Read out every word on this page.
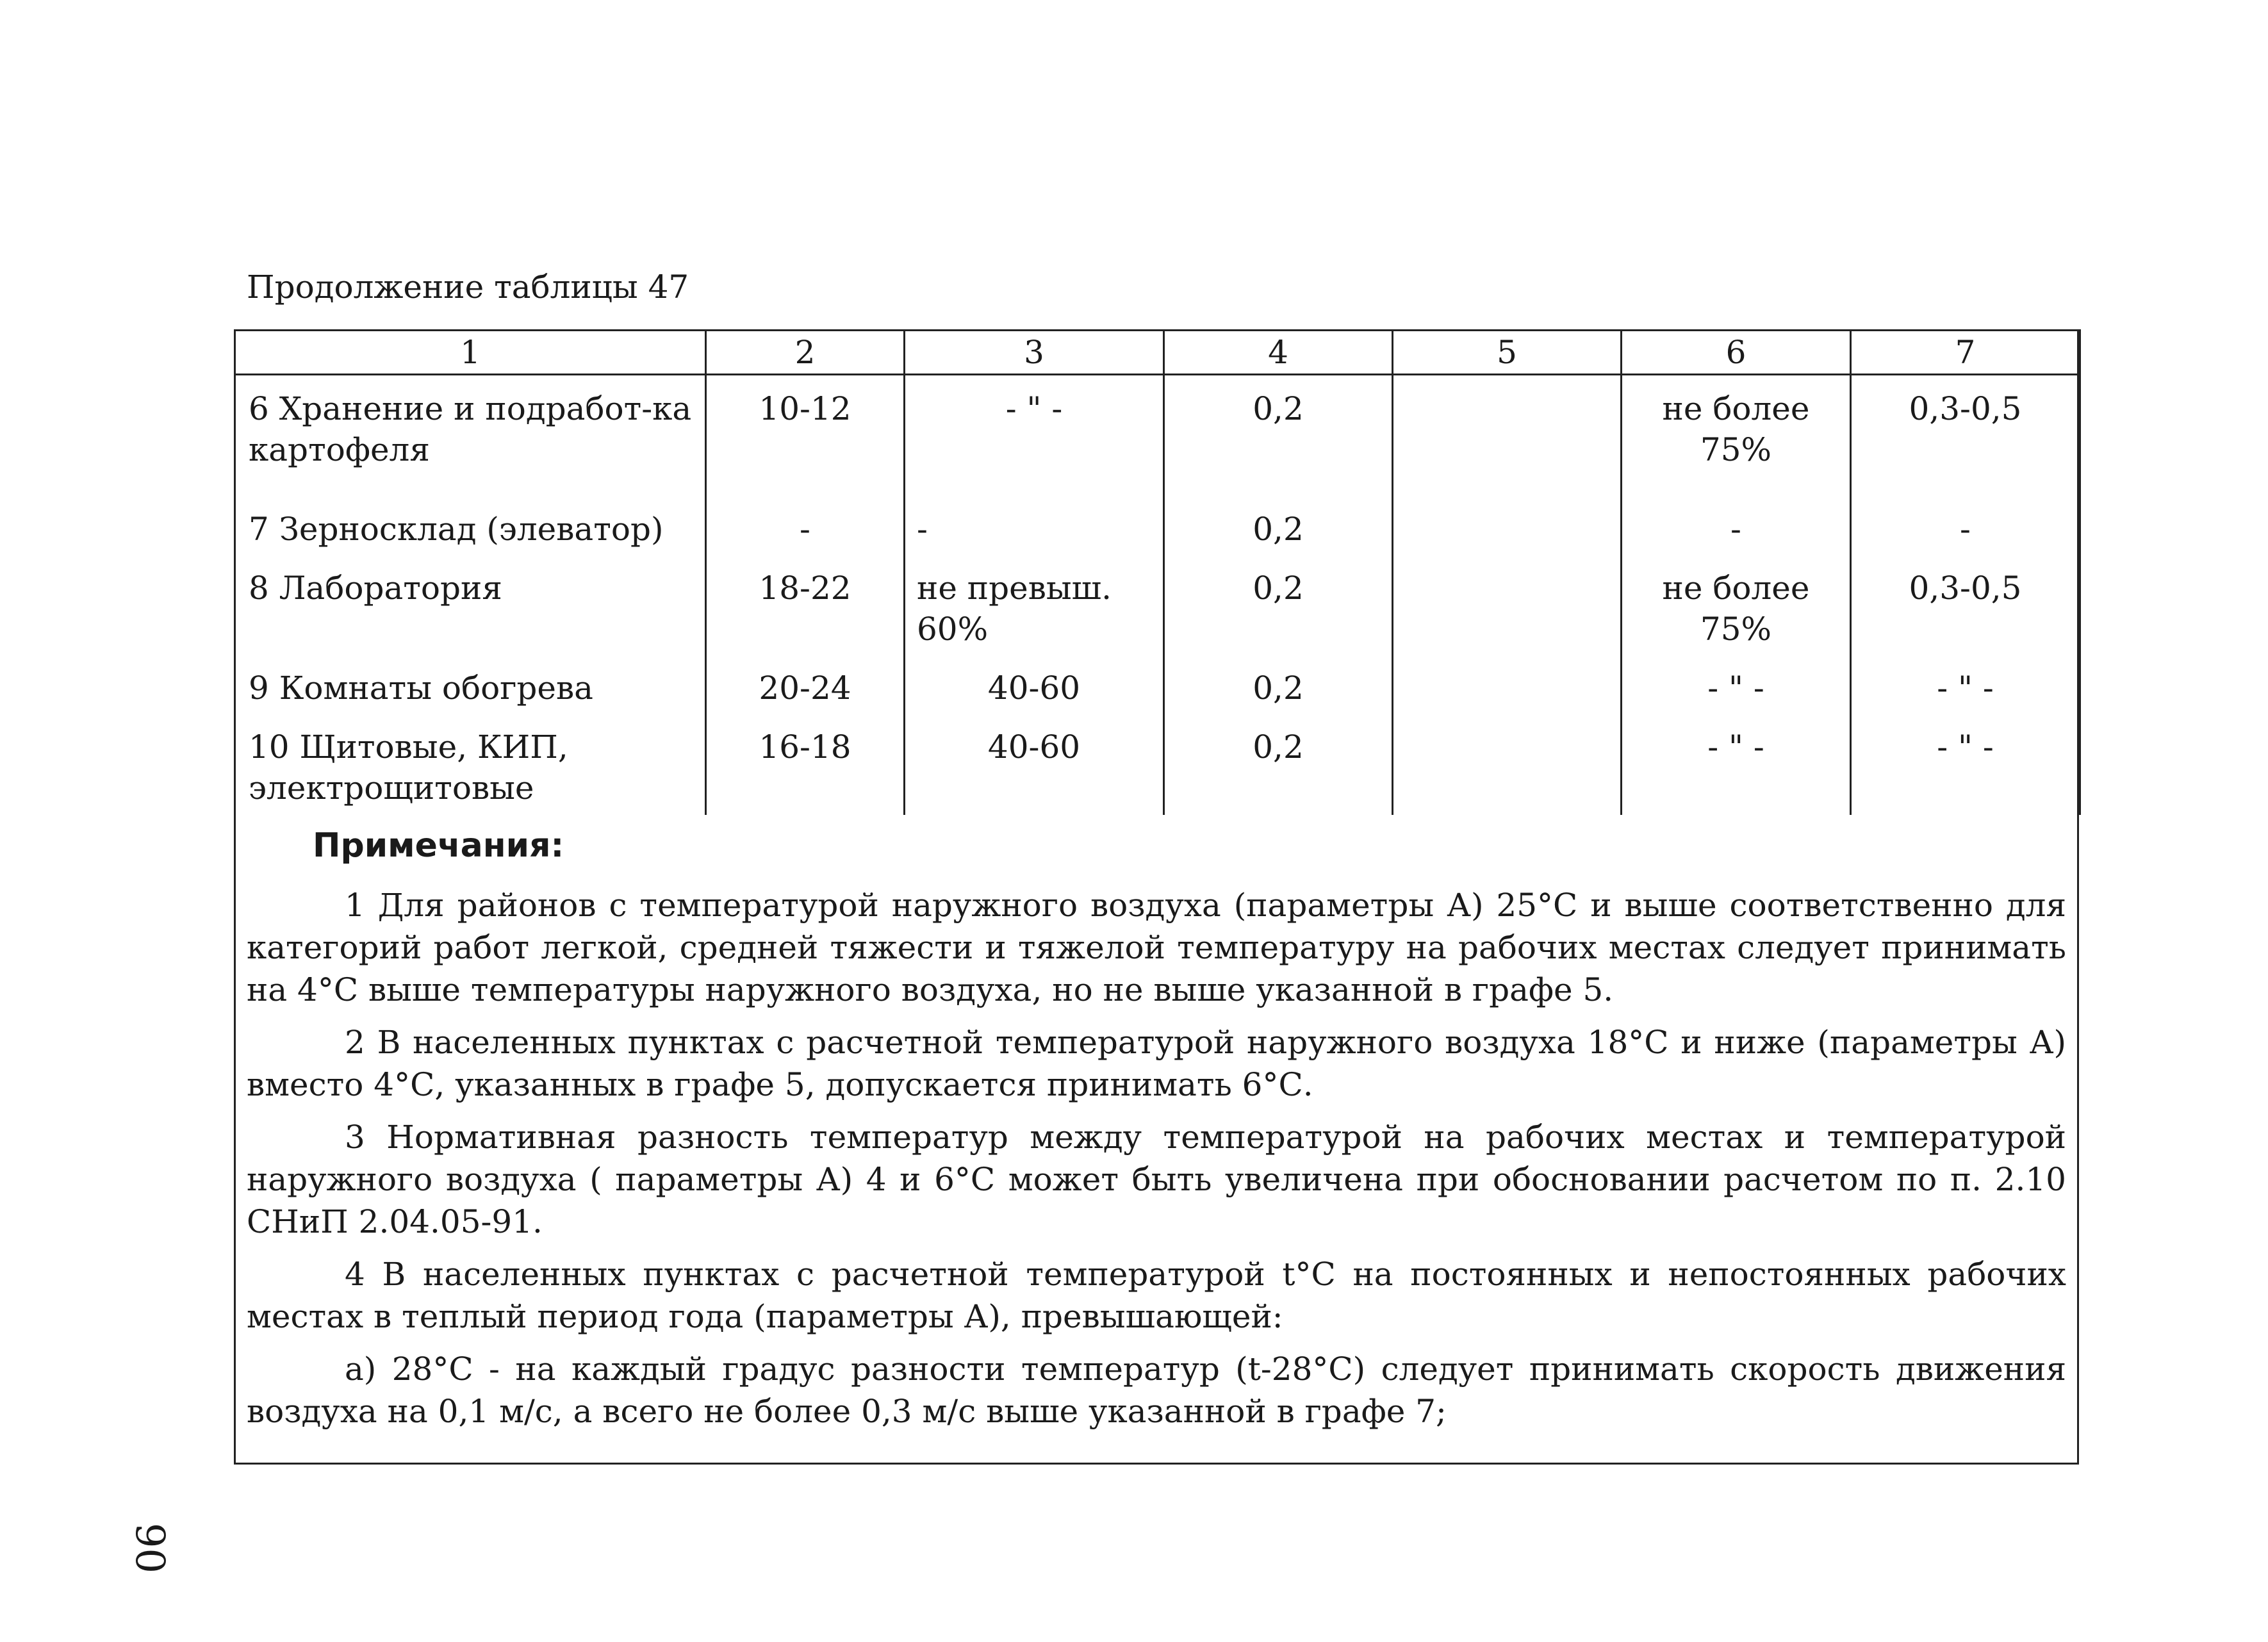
Продолжение таблицы 47
1	2	3	4	5	6	7
6 Хранение и подработ-ка картофеля	10-12	- " -	0,2		не более 75%	0,3-0,5
7 Зерносклад (элеватор)	-	-	0,2		-	-
8 Лаборатория	18-22	не превыш. 60%	0,2		не более 75%	0,3-0,5
9 Комнаты обогрева	20-24	40-60	0,2		- " -	- " -
10 Щитовые, КИП, электрощитовые	16-18	40-60	0,2		- " -	- " -
Примечания:

1 Для районов с температурой наружного воздуха (параметры А) 25°С и выше соответственно для категорий работ легкой, средней тяжести и тяжелой температуру на рабочих местах следует принимать на 4°С выше температуры наружного воздуха, но не выше указанной в графе 5.

2 В населенных пунктах с расчетной температурой наружного воздуха 18°С и ниже (параметры А) вместо 4°С, указанных в графе 5, допускается принимать 6°С.

3 Нормативная разность температур между температурой на рабочих местах и температурой наружного воздуха ( параметры А) 4 и 6°С может быть увеличена при обосновании расчетом по п. 2.10 СНиП 2.04.05-91.

4 В населенных пунктах с расчетной температурой t°С на постоянных и непостоянных рабочих местах в теплый период года (параметры А), превышающей:

а) 28°С - на каждый градус разности температур (t-28°С) следует принимать скорость движения воздуха на 0,1 м/с, а всего не более 0,3 м/с выше указанной в графе 7;

90
